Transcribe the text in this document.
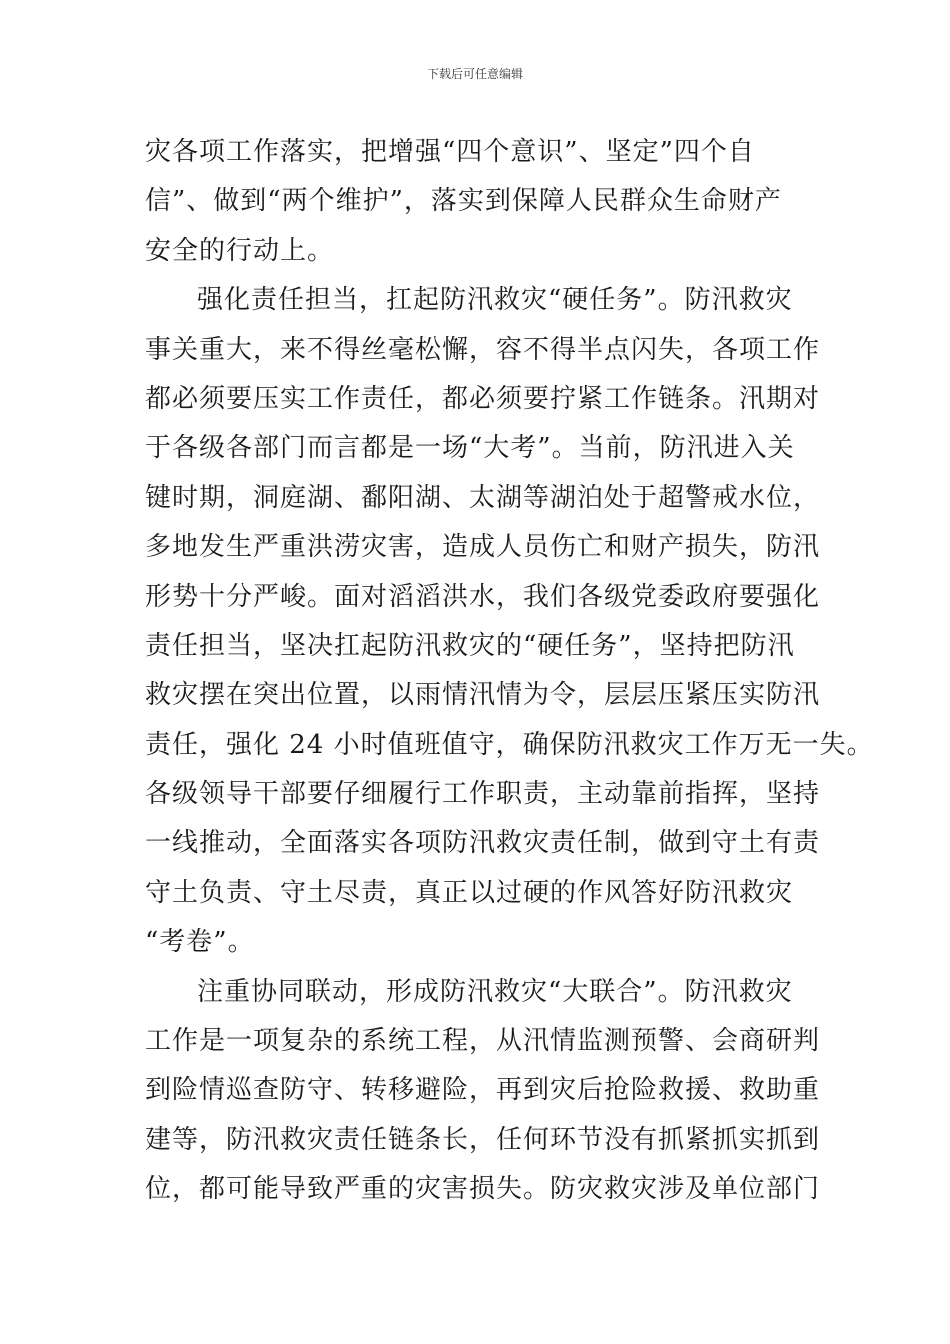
下载后可任意编辑
灾各项工作落实，把增强“四个意识”、坚定”四个自
信”、做到“两个维护”，落实到保障人民群众生命财产
安全的行动上。
强化责任担当，扛起防汛救灾“硬任务”。防汛救灾
事关重大，来不得丝毫松懈，容不得半点闪失，各项工作
都必须要压实工作责任，都必须要拧紧工作链条。汛期对
于各级各部门而言都是一场“大考”。当前，防汛进入关
键时期，洞庭湖、鄱阳湖、太湖等湖泊处于超警戒水位，
多地发生严重洪涝灾害，造成人员伤亡和财产损失，防汛
形势十分严峻。面对滔滔洪水，我们各级党委政府要强化
责任担当，坚决扛起防汛救灾的“硬任务”，坚持把防汛
救灾摆在突出位置，以雨情汛情为令，层层压紧压实防汛
责任，强化 24 小时值班值守，确保防汛救灾工作万无一失。
各级领导干部要仔细履行工作职责，主动靠前指挥，坚持
一线推动，全面落实各项防汛救灾责任制，做到守土有责
守土负责、守土尽责，真正以过硬的作风答好防汛救灾
“考卷”。
注重协同联动，形成防汛救灾“大联合”。防汛救灾
工作是一项复杂的系统工程，从汛情监测预警、会商研判
到险情巡查防守、转移避险，再到灾后抢险救援、救助重
建等，防汛救灾责任链条长，任何环节没有抓紧抓实抓到
位，都可能导致严重的灾害损失。防灾救灾涉及单位部门
